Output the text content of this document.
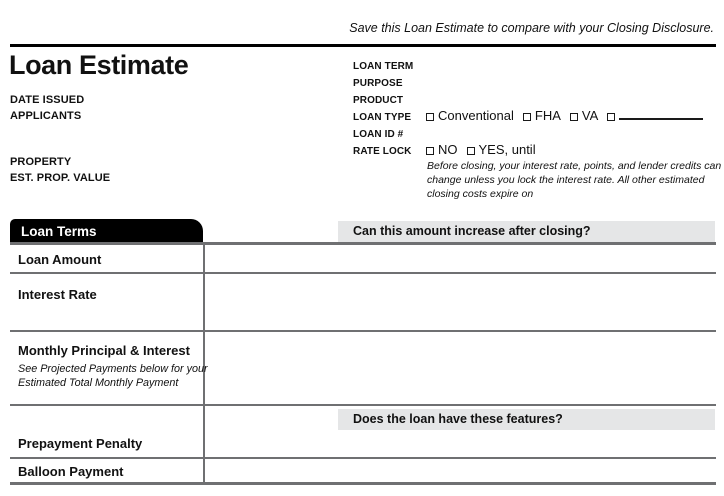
Save this Loan Estimate to compare with your Closing Disclosure.
Loan Estimate
DATE ISSUED
APPLICANTS
PROPERTY
EST. PROP. VALUE
LOAN TERM
PURPOSE
PRODUCT
LOAN TYPE	Conventional FHA VA
LOAN ID #
RATE LOCK	NO YES, until
Before closing, your interest rate, points, and lender credits can change unless you lock the interest rate. All other estimated closing costs expire on
Loan Terms	Can this amount increase after closing?
Loan Amount
Interest Rate
Monthly Principal & Interest
See Projected Payments below for your Estimated Total Monthly Payment
Does the loan have these features?
Prepayment Penalty
Balloon Payment
